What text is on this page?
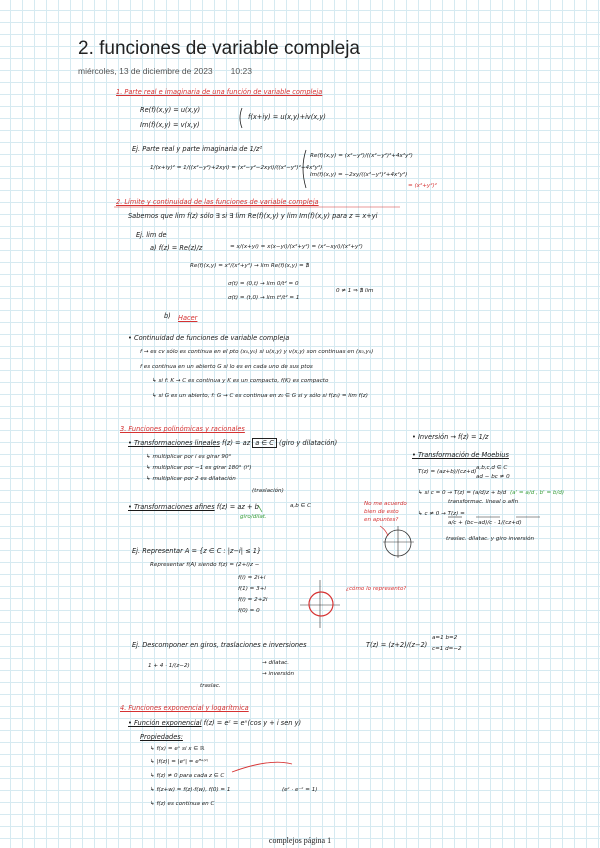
2. funciones de variable compleja
miércoles, 13 de diciembre de 2023 10:23
1. Parte real e imaginaria de una función de variable compleja
Re(f)(x,y) = u(x,y)
Im(f)(x,y) = v(x,y)
f(x+iy) = u(x,y)+iv(x,y)
Ej. Parte real y parte imaginaria de 1/z²
1/(x+iy)² = 1/((x²−y²)+2xyi) = (x²−y²−2xyi)/((x²−y²)²+4x²y²)
Re(f)(x,y) = (x²−y²)/((x²−y²)²+4x²y²)
Im(f)(x,y) = −2xy/((x²−y²)²+4x²y²)
= (x²+y²)²
2. Límite y continuidad de las funciones de variable compleja
Sabemos que lim f(z) sólo ∃ si ∃ lim Re(f)(x,y) y lim Im(f)(x,y) para z = x+yi
Ej. lim de
a) f(z) = Re(z)/z	= x/(x+yi) = x(x−yi)/(x²+y²) = (x²−xyi)/(x²+y²)
Re(f)(x,y) = x²/(x²+y²) → lim Re(f)(x,y) = ∄
σ(t) = (0,t) → lim 0/t² = 0
σ(t) = (t,0) → lim t²/t² = 1
0 ≠ 1 ⇒ ∄ lim
b) Hacer
• Continuidad de funciones de variable compleja
f → es cv sólo es continua en el pto (x₀,y₀) si u(x,y) y v(x,y) son continuas en (x₀,y₀)
f es continua en un abierto G si lo es en cada uno de sus ptos
↳ si f: K → C es continua y K es un compacto, f(K) es compacto
↳ si G es un abierto, f: G → C es continua en z₀ ∈ G si y sólo si f(z₀) = lim f(z)
3. Funciones polinómicas y racionales
• Transformaciones lineales f(z) = az a ∈ C (giro y dilatación)
↳ multiplicar por i es girar 90°
↳ multiplicar por −1 es girar 180° (i²)
↳ multiplicar por 2 es dilatación
• Transformaciones afines f(z) = az + b
(traslación)
a,b ∈ C
giro/dilat.
• Inversión → f(z) = 1/z
• Transformación de Moebius
T(z) = (az+b)/(cz+d)
a,b,c,d ∈ C
ad − bc ≠ 0
↳ si c = 0 → T(z) = (a/d)z + b/d (a' = a/d , b' = b/d)
transformac. lineal o afín
↳ c ≠ 0 → T(z) =
a/c + (bc−ad)/c · 1/(cz+d)
traslac. dilatac. y giro inversión
No me acuerdo
bien de esto
en apuntes?
Ej. Representar A = {z ∈ C : |z−i| ≤ 1}
Representar f(A) siendo f(z) = (2+i)z −
f(i) = 2i+i
f(1) = 3+i
f(i) = 2+2i
f(0) = 0
¿cómo lo represento?
Ej. Descomponer en giros, traslaciones e inversiones	T(z) = (z+2)/(z−2)
a=1 b=2
c=1 d=−2
1 + 4 · 1/(z−2)	→ dilatac.
→ inversión
traslac.
4. Funciones exponencial y logarítmica
• Función exponencial f(z) = eᶻ = eˣ(cos y + i sen y)
Propiedades:
↳ f(x) = eˣ si x ∈ ℝ
↳ |f(z)| = |eᶻ| = eᴿᵉ⁽ᶻ⁾
↳ f(z) ≠ 0 para cada z ∈ C
↳ f(z+w) = f(z)·f(w), f(0) = 1	(eᶻ · e⁻ᶻ = 1)
↳ f(z) es continua en C
complejos página 1
